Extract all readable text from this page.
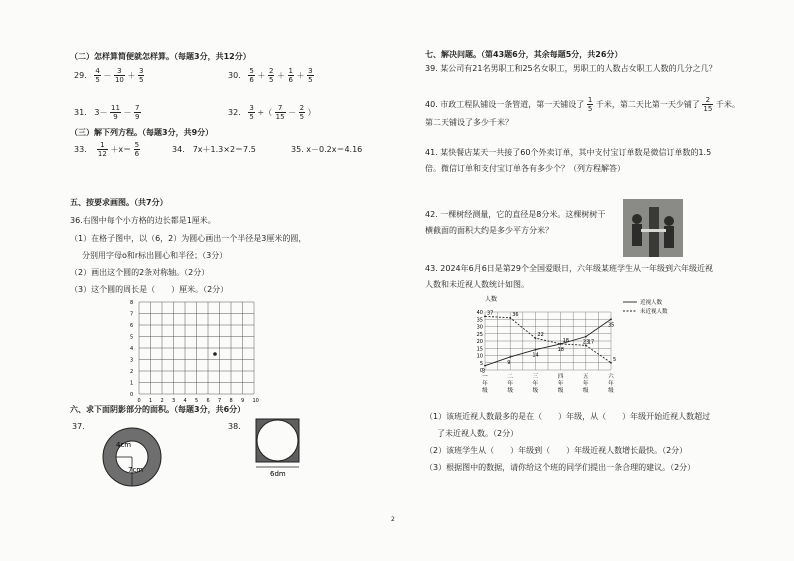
（二）怎样算简便就怎样算。（每题3分，共12分）
29. $\frac{4}{5} - \frac{3}{10} + \frac{3}{5}$	30. $\frac{5}{6} + \frac{2}{5} + \frac{1}{6} + \frac{3}{5}$
31. $3- \frac{11}{9} - \frac{7}{9}$	32. $\frac{3}{5}$ ÷（ $\frac{7}{15} - \frac{2}{5}$ ）
（三）解下列方程。（每题3分，共9分）
33. $\frac{1}{12} +x= \frac{5}{6}$	34.　7x＋1.3×2＝7.5	35. x－0.2x＝4.16
五、按要求画图。（共7分）
36.右图中每个小方格的边长都是1厘米。
（1）在格子图中，以（6，2）为圆心画出一个半径是3厘米的圆，
分别用字母o和r标出圆心和半径；（3分）
（2）画出这个圆的2条对称轴。（2分）
（3）这个圆的周长是（　　）厘米。（2分）
8
7
6
5
4
3
2
1
0
0 1 2 3 4 5 6 7 8 9 10
六、求下面阴影部分的面积。（每题3分，共6分）
37.
4cm
7cm
38.
6dm
七、解决问题。（第43题6分，其余每题5分，共26分）
39. 某公司有21名男职工和25名女职工，男职工的人数占女职工人数的几分之几？
40. 市政工程队铺设一条管道，第一天铺设了 $\frac{1}{5}$ 千米，第二天比第一天少铺了 $\frac{2}{15}$ 千米。
第二天铺设了多少千米？
41. 某快餐店某天一共接了60个外卖订单，其中支付宝订单数是微信订单数的1.5
倍。微信订单和支付宝订单各有多少个？（列方程解答）
42. 一棵树经测量，它的直径是8分米。这棵树树干
横截面的面积大约是多少平方分米？
43. 2024年6月6日是第29个全国爱眼日，六年级某班学生从一年级到六年级近视
人数和未近视人数统计如图。
人数
0
5
10
15
20
25
30
35
40
一
年
级
二
年
级
三
年
级
四
年
级
五
年
级
六
年
级
3
9
14
18
23
35
37	36
22
18	17
5
近视人数
未近视人数
（1）该班近视人数最多的是在（　　）年级，从（　　）年级开始近视人数超过
了未近视人数。（2分）
（2）该班学生从（　　）年级到（　　）年级近视人数增长最快。（2分）
（3）根据图中的数据，请你给这个班的同学们提出一条合理的建议。（2分）
2
